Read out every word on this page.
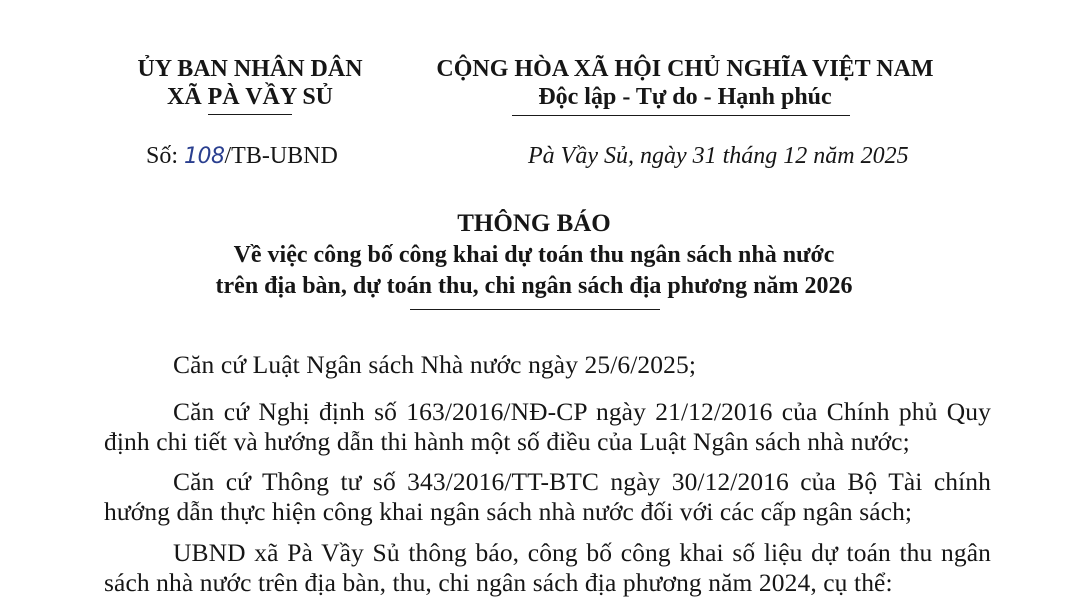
ỦY BAN NHÂN DÂN
XÃ PÀ VẦY SỦ
CỘNG HÒA XÃ HỘI CHỦ NGHĨA VIỆT NAM
Độc lập - Tự do - Hạnh phúc
Số: 108/TB-UBND	Pà Vầy Sủ, ngày 31 tháng 12 năm 2025
THÔNG BÁO
Về việc công bố công khai dự toán thu ngân sách nhà nước
trên địa bàn, dự toán thu, chi ngân sách địa phương năm 2026
Căn cứ Luật Ngân sách Nhà nước ngày 25/6/2025;
Căn cứ Nghị định số 163/2016/NĐ-CP ngày 21/12/2016 của Chính phủ Quy
định chi tiết và hướng dẫn thi hành một số điều của Luật Ngân sách nhà nước;
Căn cứ Thông tư số 343/2016/TT-BTC ngày 30/12/2016 của Bộ Tài chính
hướng dẫn thực hiện công khai ngân sách nhà nước đối với các cấp ngân sách;
UBND xã Pà Vầy Sủ thông báo, công bố công khai số liệu dự toán thu ngân
sách nhà nước trên địa bàn, thu, chi ngân sách địa phương năm 2024, cụ thể:
